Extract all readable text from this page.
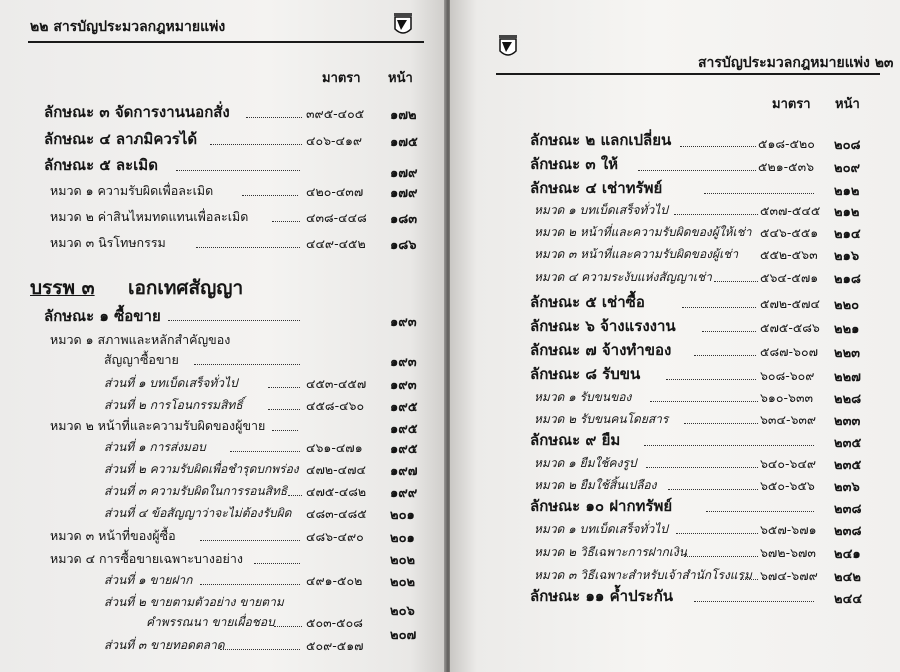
๒๒ สารบัญประมวลกฎหมายแพ่ง
มาตรา หน้า
ลักษณะ ๓ จัดการงานนอกสั่ง	๓๙๕-๔๐๕ ๑๗๒
ลักษณะ ๔ ลาภมิควรได้	๔๐๖-๔๑๙ ๑๗๕
ลักษณะ ๕ ละเมิด	๑๗๙
หมวด ๑ ความรับผิดเพื่อละเมิด	๔๒๐-๔๓๗ ๑๗๙
หมวด ๒ ค่าสินไหมทดแทนเพื่อละเมิด	๔๓๘-๔๔๘ ๑๘๓
หมวด ๓ นิรโทษกรรม	๔๔๙-๔๕๒ ๑๘๖
บรรพ ๓ เอกเทศสัญญา
ลักษณะ ๑ ซื้อขาย	๑๙๓
หมวด ๑ สภาพและหลักสำคัญของ
สัญญาซื้อขาย	๑๙๓
ส่วนที่ ๑ บทเบ็ดเสร็จทั่วไป	๔๕๓-๔๕๗ ๑๙๓
ส่วนที่ ๒ การโอนกรรมสิทธิ์	๔๕๘-๔๖๐ ๑๙๕
หมวด ๒ หน้าที่และความรับผิดของผู้ขาย	๑๙๕
ส่วนที่ ๑ การส่งมอบ	๔๖๑-๔๗๑ ๑๙๕
ส่วนที่ ๒ ความรับผิดเพื่อชำรุดบกพร่อง ๔๗๒-๔๗๔ ๑๙๗
ส่วนที่ ๓ ความรับผิดในการรอนสิทธิ ๔๗๕-๔๘๒ ๑๙๙
ส่วนที่ ๔ ข้อสัญญาว่าจะไม่ต้องรับผิด ๔๘๓-๔๘๕ ๒๐๑
หมวด ๓ หน้าที่ของผู้ซื้อ	๔๘๖-๔๙๐ ๒๐๑
หมวด ๔ การซื้อขายเฉพาะบางอย่าง	๒๐๒
ส่วนที่ ๑ ขายฝาก	๔๙๑-๕๐๒ ๒๐๒
ส่วนที่ ๒ ขายตามตัวอย่าง ขายตาม
คำพรรณนา ขายเผื่อชอบ	๕๐๓-๕๐๘
๒๐๖
ส่วนที่ ๓ ขายทอดตลาด	๕๐๙-๕๑๗
๒๐๗
สารบัญประมวลกฎหมายแพ่ง ๒๓
มาตรา หน้า
ลักษณะ ๒ แลกเปลี่ยน	๕๑๘-๕๒๐ ๒๐๘
ลักษณะ ๓ ให้	๕๒๑-๕๓๖ ๒๐๙
ลักษณะ ๔ เช่าทรัพย์	๒๑๒
หมวด ๑ บทเบ็ดเสร็จทั่วไป	๕๓๗-๕๔๕ ๒๑๒
หมวด ๒ หน้าที่และความรับผิดของผู้ให้เช่า ๕๔๖-๕๕๑ ๒๑๔
หมวด ๓ หน้าที่และความรับผิดของผู้เช่า ๕๕๒-๕๖๓ ๒๑๖
หมวด ๔ ความระงับแห่งสัญญาเช่า	๕๖๔-๕๗๑ ๒๑๘
ลักษณะ ๕ เช่าซื้อ	๕๗๒-๕๗๔ ๒๒๐
ลักษณะ ๖ จ้างแรงงาน	๕๗๕-๕๘๖ ๒๒๑
ลักษณะ ๗ จ้างทำของ	๕๘๗-๖๐๗ ๒๒๓
ลักษณะ ๘ รับขน	๖๐๘-๖๐๙ ๒๒๗
หมวด ๑ รับขนของ	๖๑๐-๖๓๓ ๒๒๘
หมวด ๒ รับขนคนโดยสาร	๖๓๔-๖๓๙ ๒๓๓
ลักษณะ ๙ ยืม	๒๓๕
หมวด ๑ ยืมใช้คงรูป	๖๔๐-๖๔๙ ๒๓๕
หมวด ๒ ยืมใช้สิ้นเปลือง	๖๕๐-๖๕๖ ๒๓๖
ลักษณะ ๑๐ ฝากทรัพย์	๒๓๘
หมวด ๑ บทเบ็ดเสร็จทั่วไป	๖๕๗-๖๗๑ ๒๓๘
หมวด ๒ วิธีเฉพาะการฝากเงิน	๖๗๒-๖๗๓ ๒๔๑
หมวด ๓ วิธีเฉพาะสำหรับเจ้าสำนักโรงแรม ๖๗๔-๖๗๙ ๒๔๒
ลักษณะ ๑๑ ค้ำประกัน	๒๔๔
